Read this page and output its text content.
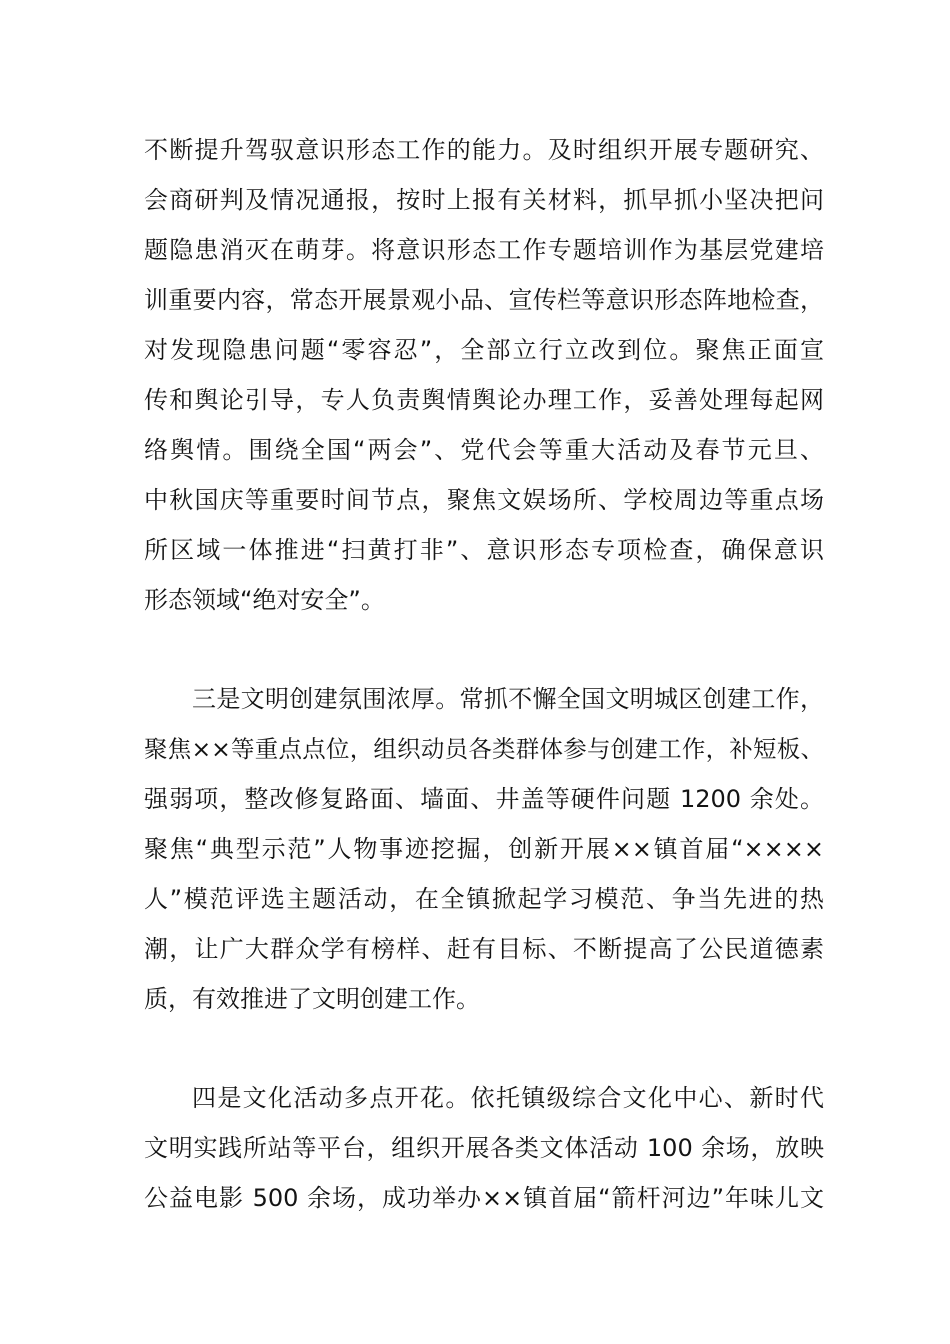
不断提升驾驭意识形态工作的能力。及时组织开展专题研究、
会商研判及情况通报，按时上报有关材料，抓早抓小坚决把问
题隐患消灭在萌芽。将意识形态工作专题培训作为基层党建培
训重要内容，常态开展景观小品、宣传栏等意识形态阵地检查，
对发现隐患问题“零容忍”，全部立行立改到位。聚焦正面宣
传和舆论引导，专人负责舆情舆论办理工作，妥善处理每起网
络舆情。围绕全国“两会”、党代会等重大活动及春节元旦、
中秋国庆等重要时间节点，聚焦文娱场所、学校周边等重点场
所区域一体推进“扫黄打非”、意识形态专项检查，确保意识
形态领域“绝对安全”。
三是文明创建氛围浓厚。常抓不懈全国文明城区创建工作，
聚焦××等重点点位，组织动员各类群体参与创建工作，补短板、
强弱项，整改修复路面、墙面、井盖等硬件问题 1200 余处。
聚焦“典型示范”人物事迹挖掘，创新开展××镇首届“××××
人”模范评选主题活动，在全镇掀起学习模范、争当先进的热
潮，让广大群众学有榜样、赶有目标、不断提高了公民道德素
质，有效推进了文明创建工作。
四是文化活动多点开花。依托镇级综合文化中心、新时代
文明实践所站等平台，组织开展各类文体活动 100 余场，放映
公益电影 500 余场，成功举办××镇首届“箭杆河边”年味儿文
